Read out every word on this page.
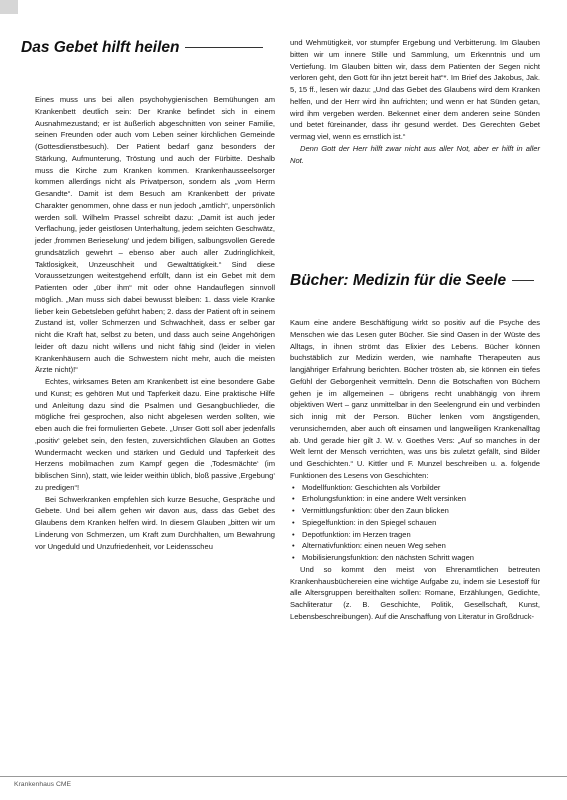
Das Gebet hilft heilen

Eines muss uns bei allen psychohygienischen Bemühungen am Krankenbett deutlich sein: Der Kranke befindet sich in einem Ausnahmezustand; er ist äußerlich abgeschnitten von seiner Familie, seinen Freunden oder auch vom Leben seiner kirchlichen Gemeinde (Gottesdienstbesuch). Der Patient bedarf ganz besonders der Stärkung, Aufmunterung, Tröstung und auch der Fürbitte. Deshalb muss die Kirche zum Kranken kommen. Krankenhausseelsorger kommen allerdings nicht als Privatperson, sondern als „vom Herrn Gesandte“. Damit ist dem Besuch am Krankenbett der private Charakter genommen, ohne dass er nun jedoch „amtlich“, unpersönlich werden soll. Wilhelm Prassel schreibt dazu: „Damit ist auch jeder Verflachung, jeder geistlosen Unterhaltung, jedem seichten Geschwätz, jeder ‚frommen Berieselung‘ und jedem billigen, salbungsvollen Gerede grundsätzlich gewehrt – ebenso aber auch aller Zudringlichkeit, Taktlosigkeit, Unzeuschheit und Gewalttätigkeit.“ Sind diese Voraussetzungen weitestgehend erfüllt, dann ist ein Gebet mit dem Patienten oder „über ihm“ mit oder ohne Handauflegen sinnvoll möglich. „Man muss sich dabei bewusst bleiben: 1. dass viele Kranke lieber kein Gebetsleben geführt haben; 2. dass der Patient oft in seinem Zustand ist, voller Schmerzen und Schwachheit, dass er selber gar nicht die Kraft hat, selbst zu beten, und dass auch seine Angehörigen leider oft dazu nicht willens und nicht fähig sind (leider in vielen Krankenhäusern auch die Schwestern nicht mehr, auch die meisten Ärzte nicht)!“

Echtes, wirksames Beten am Krankenbett ist eine besondere Gabe und Kunst; es gehören Mut und Tapferkeit dazu. Eine praktische Hilfe und Anleitung dazu sind die Psalmen und Gesangbuchlieder, die mögliche frei gesprochen, also nicht abgelesen werden sollten, wie eben auch die frei formulierten Gebete. „Unser Gott soll aber jedenfalls ‚positiv‘ gelebet sein, den festen, zuversichtlichen Glauben an Gottes Wundermacht wecken und stärken und Geduld und Tapferkeit des Herzens mobilmachen zum Kampf gegen die ‚Todesmächte‘ (im biblischen Sinn), statt, wie leider weithin üblich, bloß passive ‚Ergebung‘ zu predigen“!

Bei Schwerkranken empfehlen sich kurze Besuche, Gespräche und Gebete. Und bei allem gehen wir davon aus, dass das Gebet des Glaubens dem Kranken helfen wird. In diesem Glauben „bitten wir um Linderung von Schmerzen, um Kraft zum Durchhalten, um Bewahrung vor Ungeduld und Unzufriedenheit, vor Leidensscheu

und Wehmütigkeit, vor stumpfer Ergebung und Verbitterung. Im Glauben bitten wir um innere Stille und Sammlung, um Erkenntnis und um Vertiefung. Im Glauben bitten wir, dass dem Patienten der Segen nicht verloren geht, den Gott für ihn jetzt bereit hat“*. Im Brief des Jakobus, Jak. 5, 15 ff., lesen wir dazu: „Und das Gebet des Glaubens wird dem Kranken helfen, und der Herr wird ihn aufrichten; und wenn er hat Sünden getan, wird ihm vergeben werden. Bekennet einer dem anderen seine Sünden und betet füreinander, dass ihr gesund werdet. Des Gerechten Gebet vermag viel, wenn es ernstlich ist.“

Denn Gott der Herr hilft zwar nicht aus aller Not, aber er hilft in aller Not.

Bücher: Medizin für die Seele

Kaum eine andere Beschäftigung wirkt so positiv auf die Psyche des Menschen wie das Lesen guter Bücher. Sie sind Oasen in der Wüste des Alltags, in ihnen strömt das Elixier des Lebens. Bücher können buchstäblich zur Medizin werden, wie namhafte Therapeuten aus langjähriger Erfahrung berichten. Bücher trösten ab, sie können ein tiefes Gefühl der Geborgenheit vermitteln. Denn die Botschaften von Büchern gehen je im allgemeinen – übrigens recht unabhängig von ihrem objektiven Wert – ganz unmittelbar in den Seelengrund ein und verbinden sich innig mit der Person. Bücher lenken vom ängstigenden, verunsichernden, aber auch oft einsamen und langweiligen Krankenalltag ab. Und gerade hier gilt J. W. v. Goethes Vers: „Auf so manches in der Welt lernt der Mensch verrichten, was uns bis zuletzt gefällt, sind Bilder und Geschichten.“ U. Kittler und F. Munzel beschreiben u. a. folgende Funktionen des Lesens von Geschichten:

• Modellfunktion: Geschichten als Vorbilder
• Erholungsfunktion: in eine andere Welt versinken
• Vermittlungsfunktion: über den Zaun blicken
• Spiegelfunktion: in den Spiegel schauen
• Depotfunktion: im Herzen tragen
• Alternativfunktion: einen neuen Weg sehen
• Mobilisierungsfunktion: den nächsten Schritt wagen

Und so kommt den meist von Ehrenamtlichen betreuten Krankenhausbüchereien eine wichtige Aufgabe zu, indem sie Lesestoff für alle Altersgruppen bereithalten sollen: Romane, Erzählungen, Gedichte, Sachliteratur (z. B. Geschichte, Politik, Gesellschaft, Kunst, Lebensbeschreibungen). Auf die Anschaffung von Literatur in Großdruck-

Krankenhaus CME
